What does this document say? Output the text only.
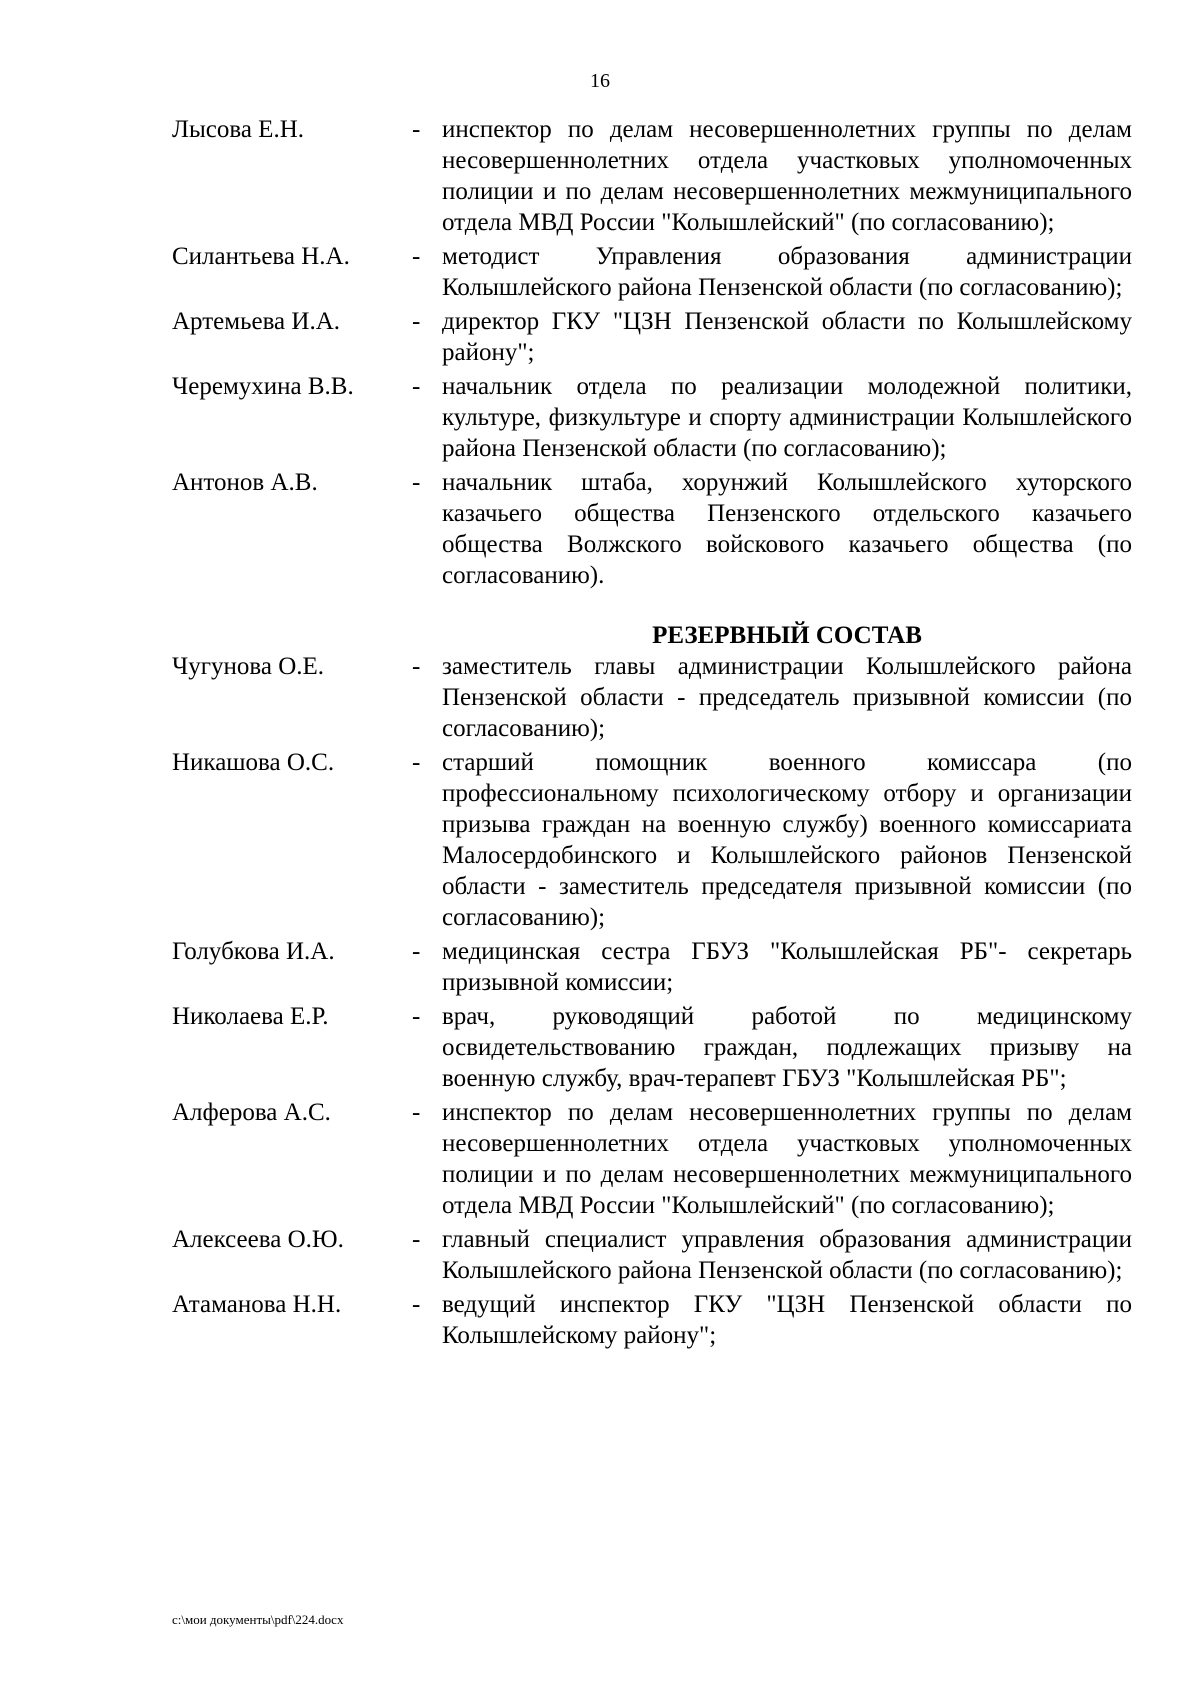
16
Лысова Е.Н.	- инспектор по делам несовершеннолетних группы по делам несовершеннолетних отдела участковых уполномоченных полиции и по делам несовершеннолетних межмуниципального отдела МВД России "Колышлейский" (по согласованию);
Силантьева Н.А.	- методист Управления образования администрации Колышлейского района Пензенской области (по согласованию);
Артемьева И.А.	- директор ГКУ "ЦЗН Пензенской области по Колышлейскому району";
Черемухина В.В.	- начальник отдела по реализации молодежной политики, культуре, физкультуре и спорту администрации Колышлейского района Пензенской области (по согласованию);
Антонов А.В.	- начальник штаба, хорунжий Колышлейского хуторского казачьего общества Пензенского отдельского казачьего общества Волжского войскового казачьего общества (по согласованию).
РЕЗЕРВНЫЙ СОСТАВ
Чугунова О.Е.	- заместитель главы администрации Колышлейского района Пензенской области - председатель призывной комиссии (по согласованию);
Никашова О.С.	- старший помощник военного комиссара (по профессиональному психологическому отбору и организации призыва граждан на военную службу) военного комиссариата Малосердобинского и Колышлейского районов Пензенской области - заместитель председателя призывной комиссии (по согласованию);
Голубкова И.А.	- медицинская сестра ГБУЗ "Колышлейская РБ"- секретарь призывной комиссии;
Николаева Е.Р.	- врач, руководящий работой по медицинскому освидетельствованию граждан, подлежащих призыву на военную службу, врач-терапевт ГБУЗ "Колышлейская РБ";
Алферова А.С.	- инспектор по делам несовершеннолетних группы по делам несовершеннолетних отдела участковых уполномоченных полиции и по делам несовершеннолетних межмуниципального отдела МВД России "Колышлейский" (по согласованию);
Алексеева О.Ю.	- главный специалист управления образования администрации Колышлейского района Пензенской области (по согласованию);
Атаманова Н.Н.	- ведущий инспектор ГКУ "ЦЗН Пензенской области по Колышлейскому району";
c:\мои документы\pdf\224.docx
